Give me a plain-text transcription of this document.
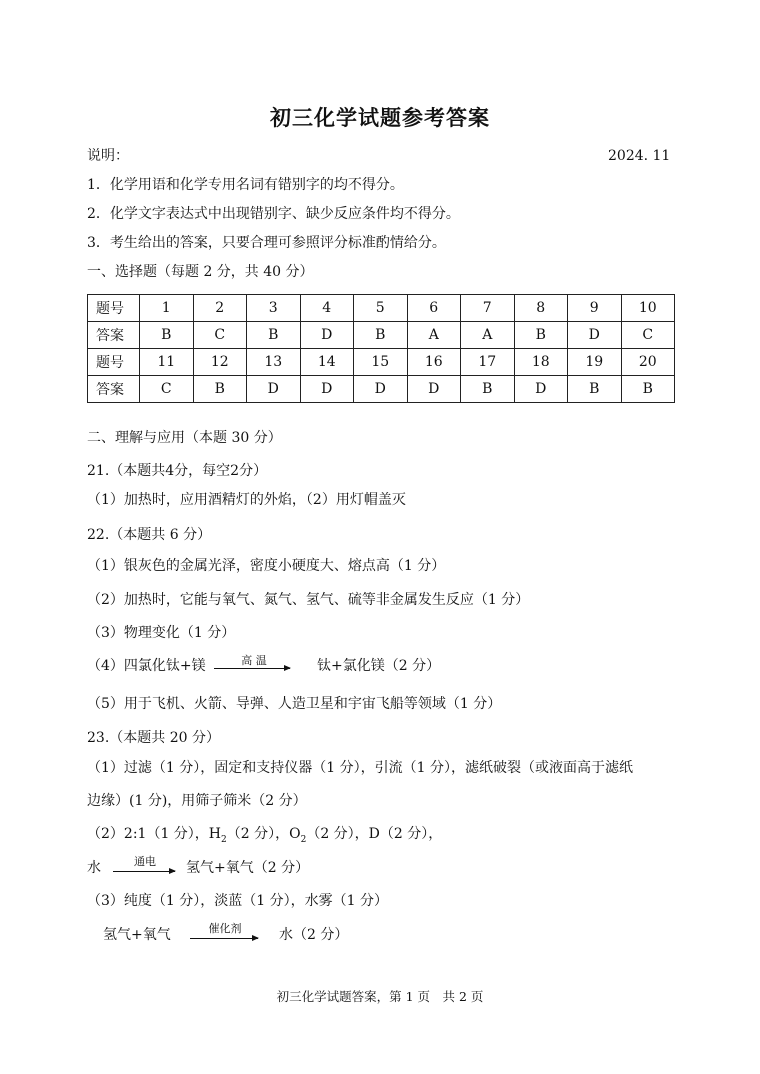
初三化学试题参考答案
说明：	2024. 11
1．化学用语和化学专用名词有错别字的均不得分。
2．化学文字表达式中出现错别字、缺少反应条件均不得分。
3．考生给出的答案，只要合理可参照评分标准酌情给分。
一、选择题（每题 2 分，共 40 分）
题号	1	2	3	4	5	6	7	8	9	10
答案	B	C	B	D	B	A	A	B	D	C
题号	11	12	13	14	15	16	17	18	19	20
答案	C	B	D	D	D	D	B	D	B	B
二、理解与应用（本题 30 分）
21.（本题共4分，每空2分）
（1）加热时，应用酒精灯的外焰，（2）用灯帽盖灭
22.（本题共 6 分）
（1）银灰色的金属光泽，密度小硬度大、熔点高（1 分）
（2）加热时，它能与氧气、氮气、氢气、硫等非金属发生反应（1 分）
（3）物理变化（1 分）
（4）四氯化钛+镁	高 温	钛+氯化镁（2 分）
（5）用于飞机、火箭、导弹、人造卫星和宇宙飞船等领域（1 分）
23.（本题共 20 分）
（1）过滤（1 分），固定和支持仪器（1 分），引流（1 分），滤纸破裂（或液面高于滤纸
边缘）(1 分)，用筛子筛米（2 分）
（2）2:1（1 分），$H_2(2$ 分），$O_2(2$ 分），D（2 分），
水	通电	氢气+氧气（2 分）
（3）纯度（1 分），淡蓝（1 分），水雾（1 分）
氢气+氧气	催化剂	水（2 分）
初三化学试题答案，第 1 页　共 2 页
